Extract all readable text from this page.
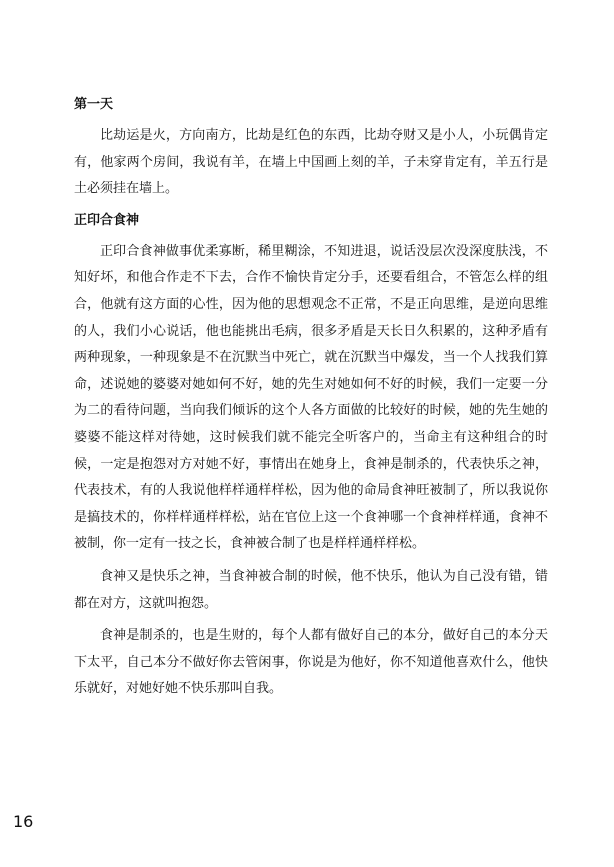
第一天

比劫运是火，方向南方，比劫是红色的东西，比劫夺财又是小人，小玩偶肯定有，他家两个房间，我说有羊，在墙上中国画上刻的羊，子未穿肯定有，羊五行是土必须挂在墙上。

正印合食神

正印合食神做事优柔寡断，稀里糊涂，不知进退，说话没层次没深度肤浅，不知好坏，和他合作走不下去，合作不愉快肯定分手，还要看组合，不管怎么样的组合，他就有这方面的心性，因为他的思想观念不正常，不是正向思维，是逆向思维的人，我们小心说话，他也能挑出毛病，很多矛盾是天长日久积累的，这种矛盾有两种现象，一种现象是不在沉默当中死亡，就在沉默当中爆发，当一个人找我们算命，述说她的婆婆对她如何不好，她的先生对她如何不好的时候，我们一定要一分为二的看待问题，当向我们倾诉的这个人各方面做的比较好的时候，她的先生她的婆婆不能这样对待她，这时候我们就不能完全听客户的，当命主有这种组合的时候，一定是抱怨对方对她不好，事情出在她身上，食神是制杀的，代表快乐之神，代表技术，有的人我说他样样通样样松，因为他的命局食神旺被制了，所以我说你是搞技术的，你样样通样样松，站在官位上这一个食神哪一个食神样样通，食神不被制，你一定有一技之长，食神被合制了也是样样通样样松。

食神又是快乐之神，当食神被合制的时候，他不快乐，他认为自己没有错，错都在对方，这就叫抱怨。

食神是制杀的，也是生财的，每个人都有做好自己的本分，做好自己的本分天下太平，自己本分不做好你去管闲事，你说是为他好，你不知道他喜欢什么，他快乐就好，对她好她不快乐那叫自我。

16
